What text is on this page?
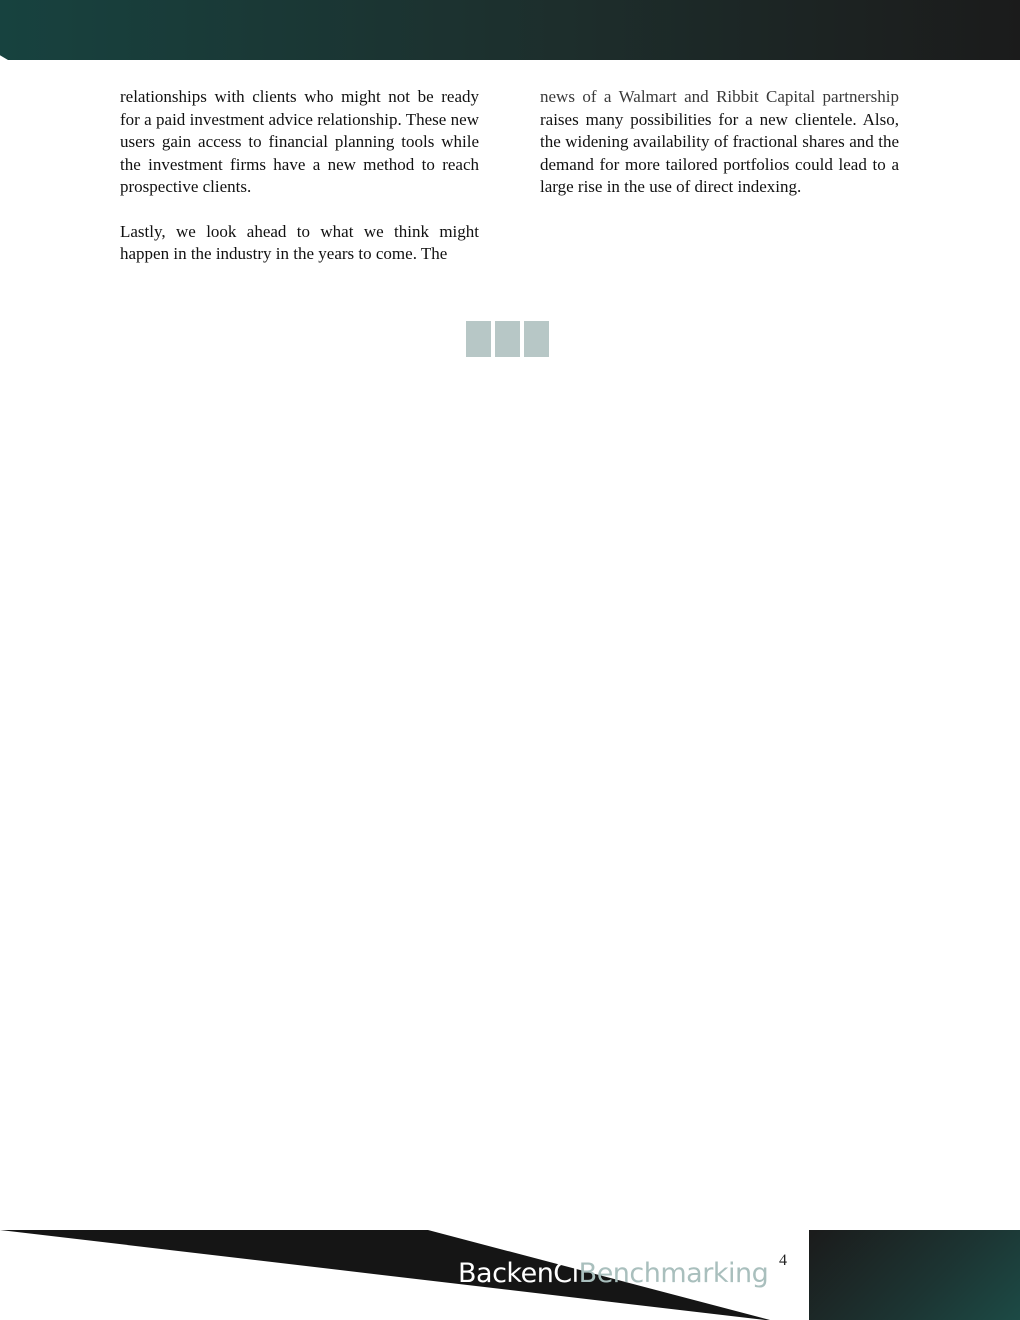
relationships with clients who might not be ready for a paid investment advice relationship. These new users gain access to financial planning tools while the investment firms have a new method to reach prospective clients.

Lastly, we look ahead to what we think might happen in the industry in the years to come. The

news of a Walmart and Ribbit Capital partnership raises many possibilities for a new clientele. Also, the widening availability of fractional shares and the demand for more tailored portfolios could lead to a large rise in the use of direct indexing.

BackenClBenchmarking 4
